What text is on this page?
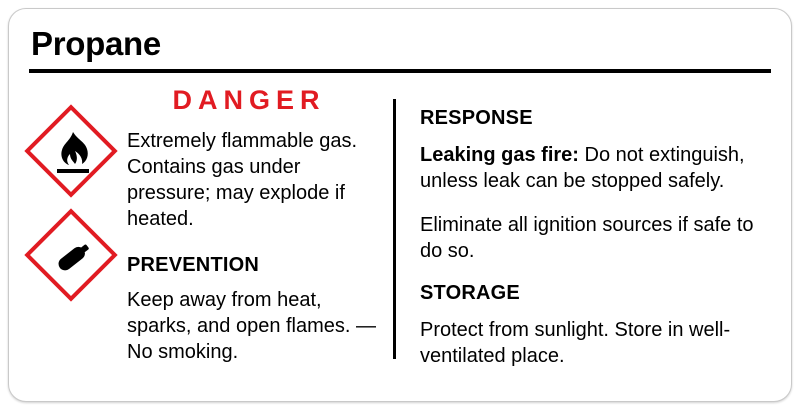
Propane
DANGER

Extremely flammable gas. Contains gas under pressure; may explode if heated.

PREVENTION

Keep away from heat, sparks, and open flames. — No smoking.

RESPONSE

Leaking gas fire: Do not extinguish, unless leak can be stopped safely.

Eliminate all ignition sources if safe to do so.

STORAGE

Protect from sunlight. Store in well-ventilated place.
